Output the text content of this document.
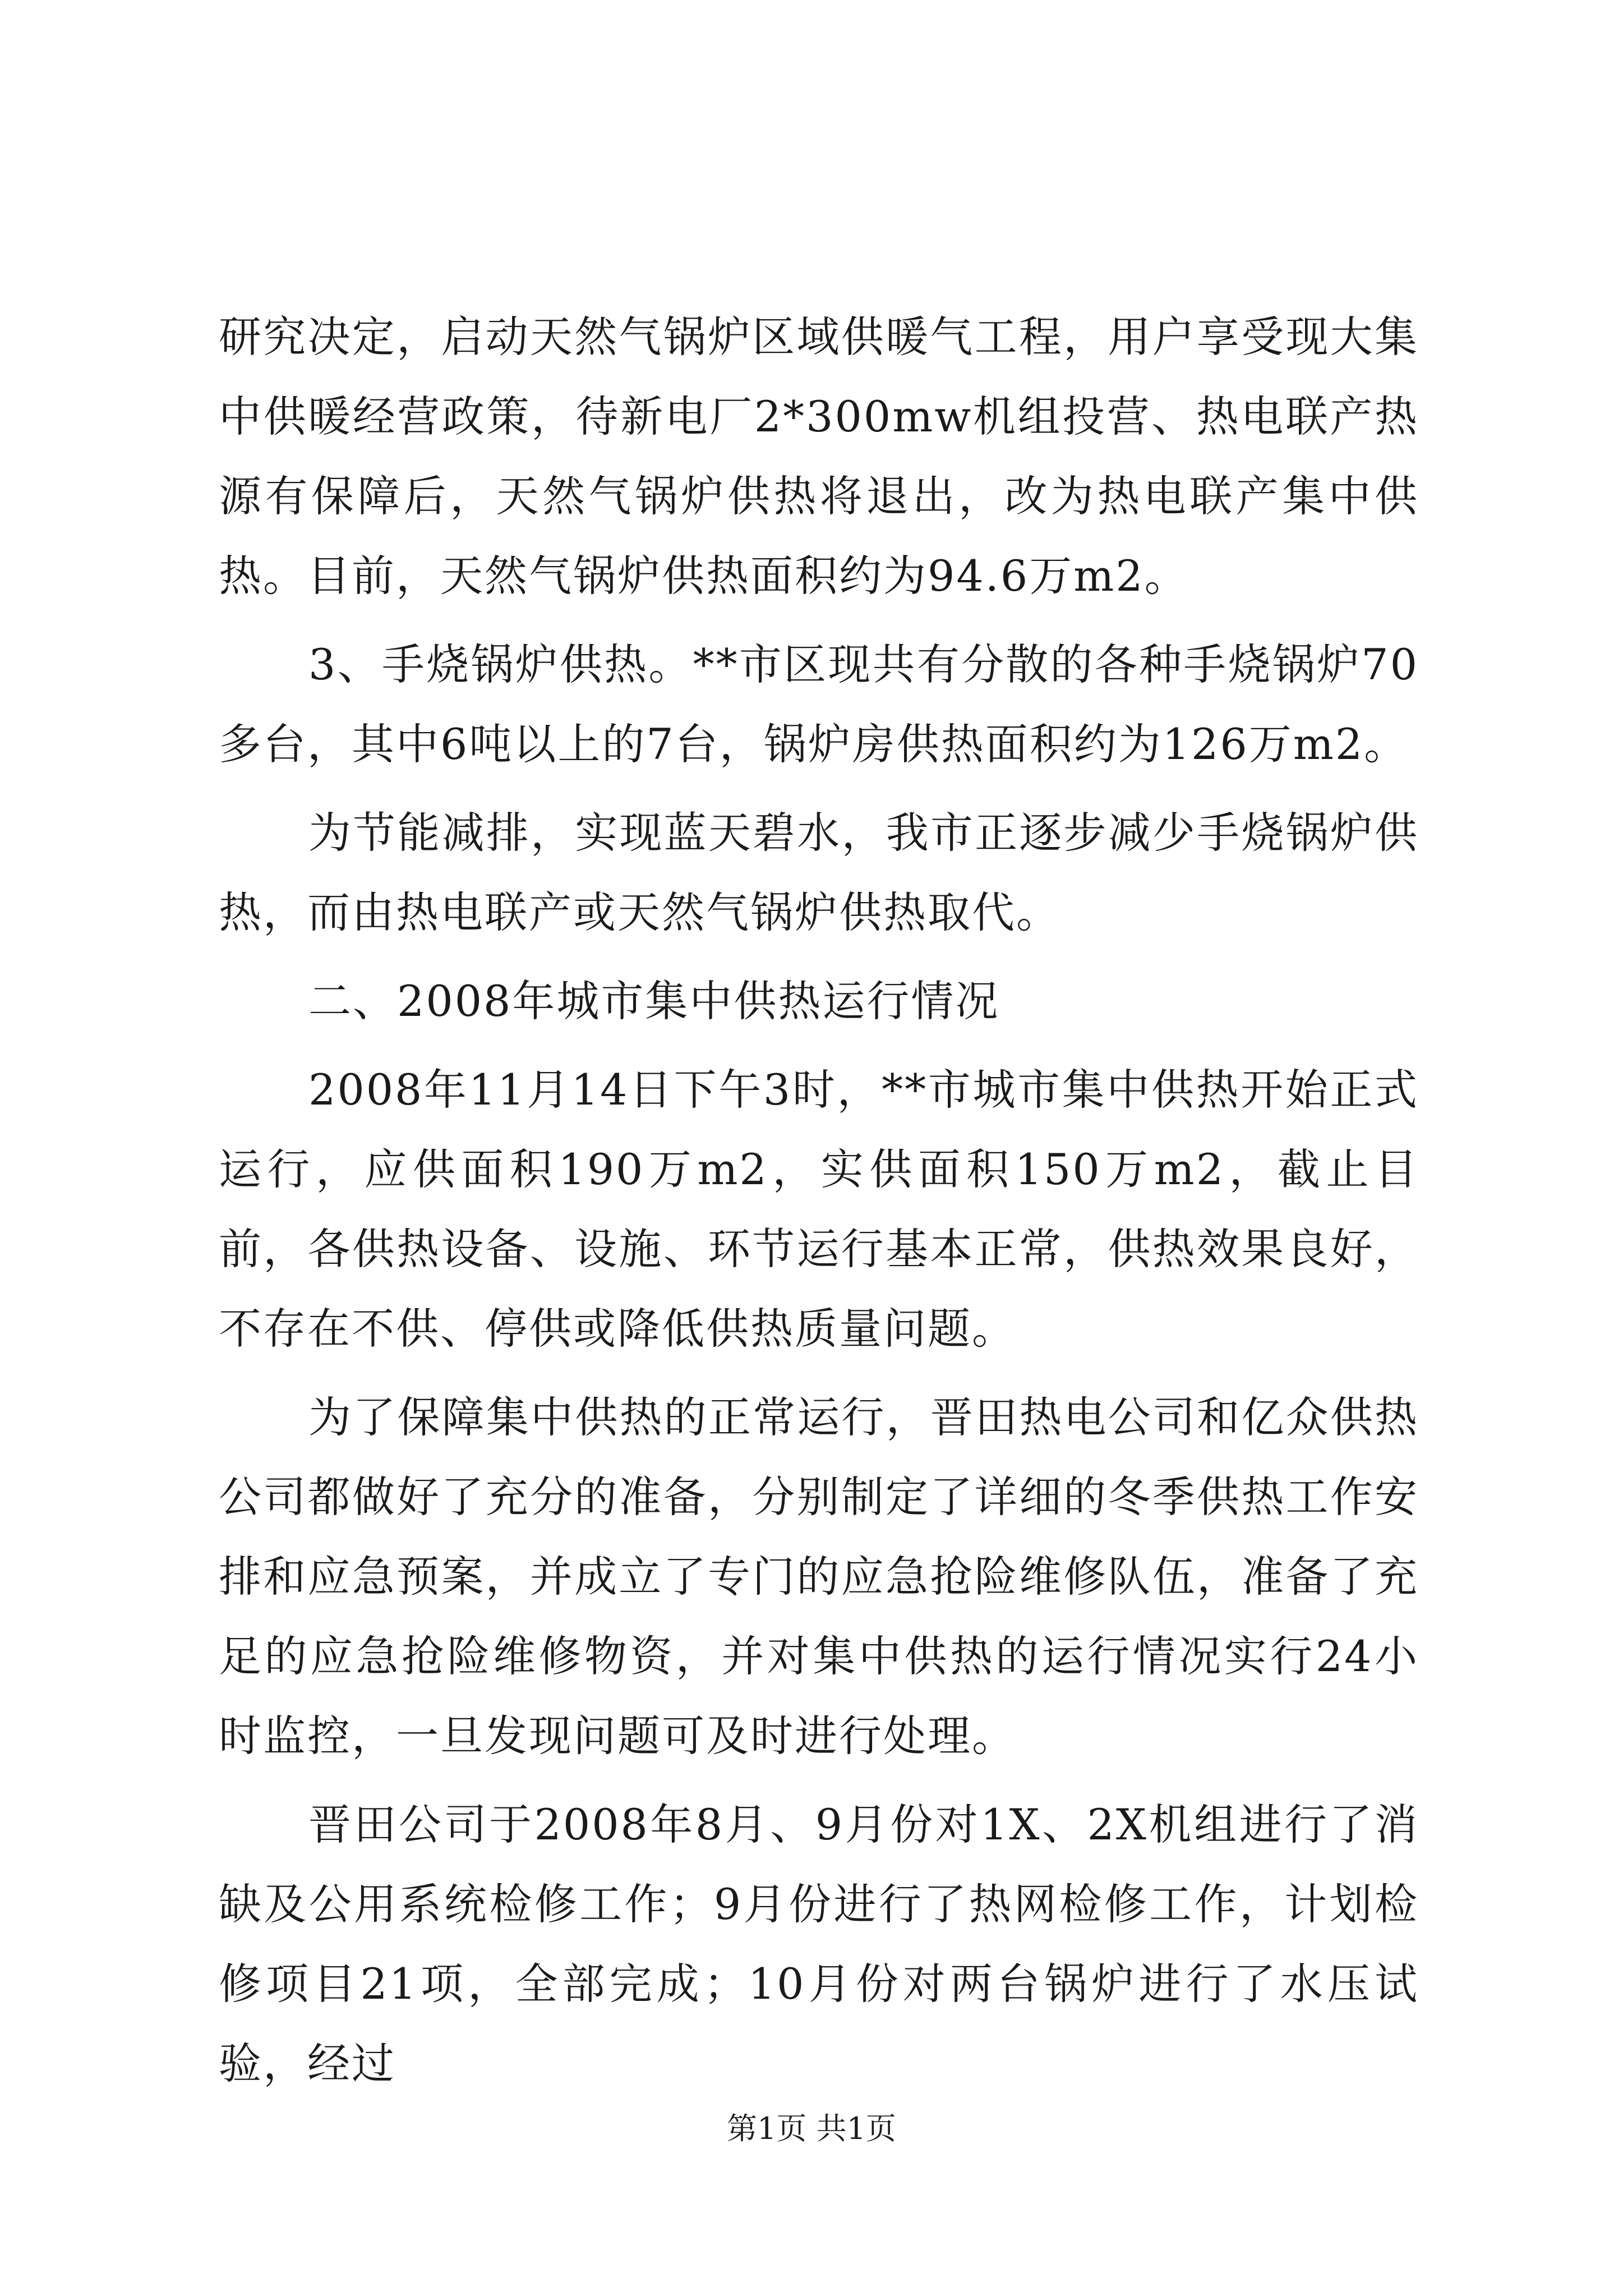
研究决定，启动天然气锅炉区域供暖气工程，用户享受现大集中供暖经营政策，待新电厂2*300mw机组投营、热电联产热源有保障后，天然气锅炉供热将退出，改为热电联产集中供热。目前，天然气锅炉供热面积约为94.6万m2。

3、手烧锅炉供热。**市区现共有分散的各种手烧锅炉70多台，其中6吨以上的7台，锅炉房供热面积约为126万m2。

为节能减排，实现蓝天碧水，我市正逐步减少手烧锅炉供热，而由热电联产或天然气锅炉供热取代。

二、2008年城市集中供热运行情况

2008年11月14日下午3时，**市城市集中供热开始正式运行，应供面积190万m2，实供面积150万m2，截止目前，各供热设备、设施、环节运行基本正常，供热效果良好，不存在不供、停供或降低供热质量问题。

为了保障集中供热的正常运行，晋田热电公司和亿众供热公司都做好了充分的准备，分别制定了详细的冬季供热工作安排和应急预案，并成立了专门的应急抢险维修队伍，准备了充足的应急抢险维修物资，并对集中供热的运行情况实行24小时监控，一旦发现问题可及时进行处理。

晋田公司于2008年8月、9月份对1X、2X机组进行了消缺及公用系统检修工作；9月份进行了热网检修工作，计划检修项目21项，全部完成；10月份对两台锅炉进行了水压试验，经过

第1页 共1页
